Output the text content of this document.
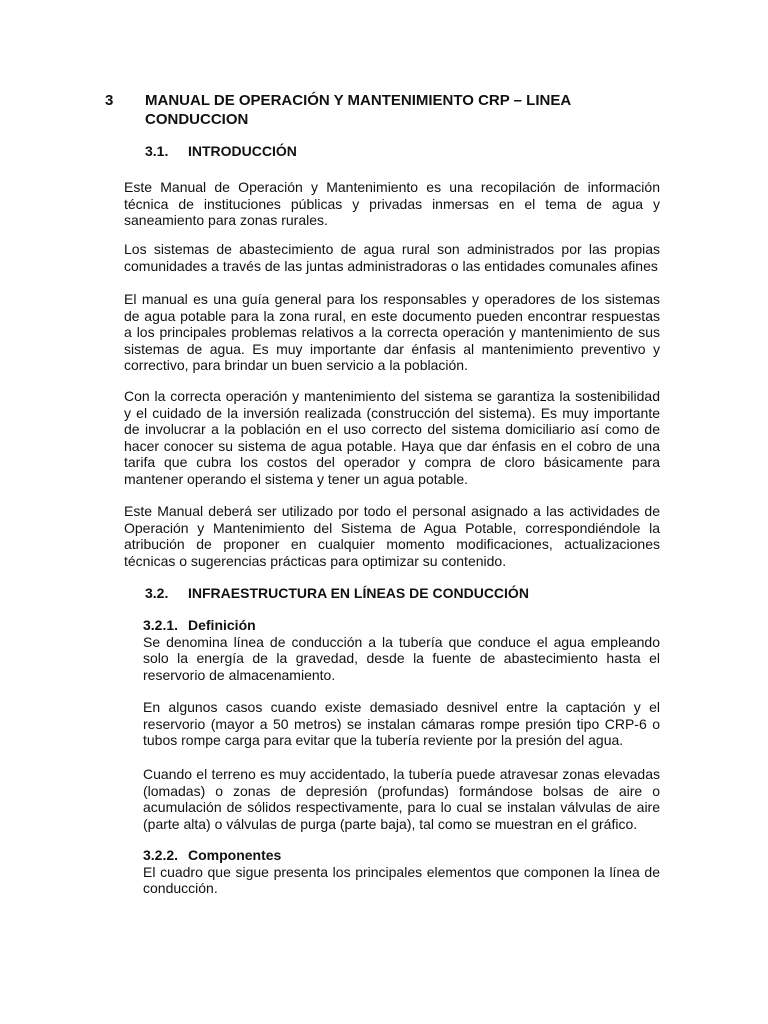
3 MANUAL DE OPERACIÓN Y MANTENIMIENTO CRP – LINEA CONDUCCION
3.1. INTRODUCCIÓN

Este Manual de Operación y Mantenimiento es una recopilación de información técnica de instituciones públicas y privadas inmersas en el tema de agua y saneamiento para zonas rurales.

Los sistemas de abastecimiento de agua rural son administrados por las propias comunidades a través de las juntas administradoras o las entidades comunales afines

El manual es una guía general para los responsables y operadores de los sistemas de agua potable para la zona rural, en este documento pueden encontrar respuestas a los principales problemas relativos a la correcta operación y mantenimiento de sus sistemas de agua. Es muy importante dar énfasis al mantenimiento preventivo y correctivo, para brindar un buen servicio a la población.

Con la correcta operación y mantenimiento del sistema se garantiza la sostenibilidad y el cuidado de la inversión realizada (construcción del sistema). Es muy importante de involucrar a la población en el uso correcto del sistema domiciliario así como de hacer conocer su sistema de agua potable. Haya que dar énfasis en el cobro de una tarifa que cubra los costos del operador y compra de cloro básicamente para mantener operando el sistema y tener un agua potable.

Este Manual deberá ser utilizado por todo el personal asignado a las actividades de Operación y Mantenimiento del Sistema de Agua Potable, correspondiéndole la atribución de proponer en cualquier momento modificaciones, actualizaciones técnicas o sugerencias prácticas para optimizar su contenido.

3.2. INFRAESTRUCTURA EN LÍNEAS DE CONDUCCIÓN
3.2.1. Definición
Se denomina línea de conducción a la tubería que conduce el agua empleando solo la energía de la gravedad, desde la fuente de abastecimiento hasta el reservorio de almacenamiento.

En algunos casos cuando existe demasiado desnivel entre la captación y el reservorio (mayor a 50 metros) se instalan cámaras rompe presión tipo CRP-6 o tubos rompe carga para evitar que la tubería reviente por la presión del agua.

Cuando el terreno es muy accidentado, la tubería puede atravesar zonas elevadas (lomadas) o zonas de depresión (profundas) formándose bolsas de aire o acumulación de sólidos respectivamente, para lo cual se instalan válvulas de aire (parte alta) o válvulas de purga (parte baja), tal como se muestran en el gráfico.

3.2.2. Componentes
El cuadro que sigue presenta los principales elementos que componen la línea de conducción.
